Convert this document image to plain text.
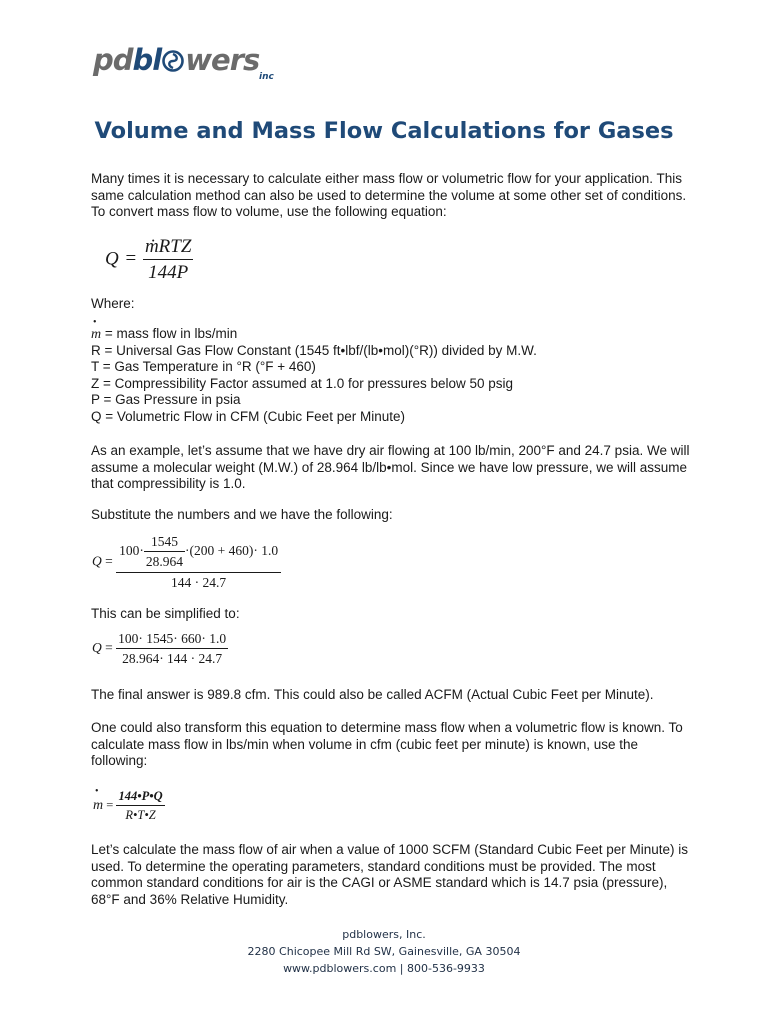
pdbl wers inc
Volume and Mass Flow Calculations for Gases

Many times it is necessary to calculate either mass flow or volumetric flow for your application. This same calculation method can also be used to determine the volume at some other set of conditions. To convert mass flow to volume, use the following equation:

$Q = \frac{\text{ṁRTZ}}{144P}$

Where:

• m = mass flow in lbs/min
R = Universal Gas Flow Constant (1545 ft•lbf/(lb•mol)(°R)) divided by M.W.
T = Gas Temperature in °R (°F + 460)
Z = Compressibility Factor assumed at 1.0 for pressures below 50 psig
P = Gas Pressure in psia
Q = Volumetric Flow in CFM (Cubic Feet per Minute)

As an example, let’s assume that we have dry air flowing at 100 lb/min, 200°F and 24.7 psia. We will assume a molecular weight (M.W.) of 28.964 lb/lb•mol. Since we have low pressure, we will assume that compressibility is 1.0.

Substitute the numbers and we have the following:

$Q = \frac{100\cdot \frac{1545}{28.964} \cdot(200 + 460)\cdot 1.0}{144 \cdot 24.7}$

This can be simplified to:

$Q = \frac{100\cdot 1545\cdot 660\cdot 1.0}{28.964\cdot 144 \cdot 24.7}$

The final answer is 989.8 cfm. This could also be called ACFM (Actual Cubic Feet per Minute).

One could also transform this equation to determine mass flow when a volumetric flow is known. To calculate mass flow in lbs/min when volume in cfm (cubic feet per minute) is known, use the following:

• $m = \frac{144•P•Q}{R•T•Z}$

Let’s calculate the mass flow of air when a value of 1000 SCFM (Standard Cubic Feet per Minute) is used. To determine the operating parameters, standard conditions must be provided. The most common standard conditions for air is the CAGI or ASME standard which is 14.7 psia (pressure), 68°F and 36% Relative Humidity.

pdblowers, Inc.
2280 Chicopee Mill Rd SW, Gainesville, GA 30504
www.pdblowers.com | 800-536-9933
